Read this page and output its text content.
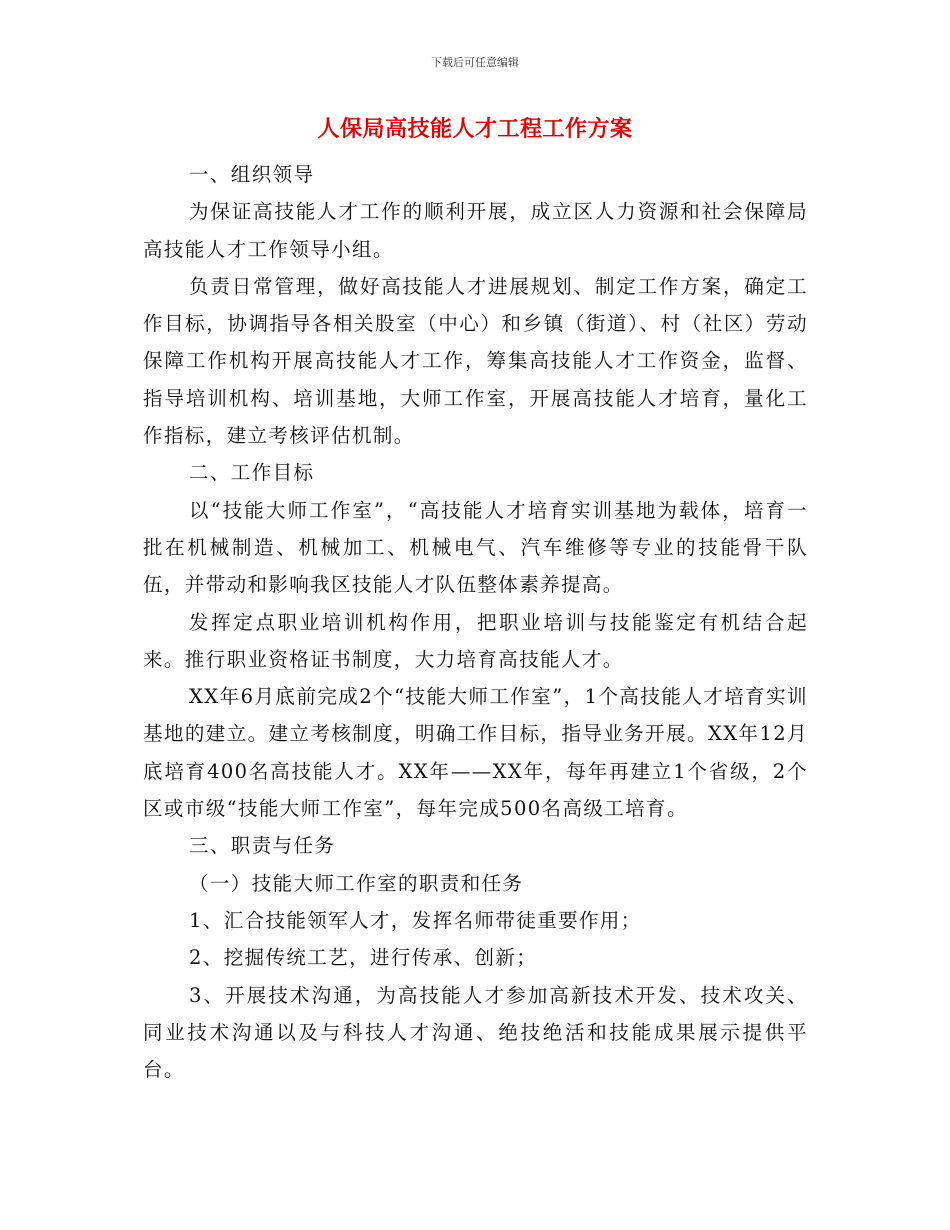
下载后可任意编辑
人保局高技能人才工程工作方案

一、组织领导

为保证高技能人才工作的顺利开展，成立区人力资源和社会保障局高技能人才工作领导小组。

负责日常管理，做好高技能人才进展规划、制定工作方案，确定工作目标，协调指导各相关股室（中心）和乡镇（街道）、村（社区）劳动保障工作机构开展高技能人才工作，筹集高技能人才工作资金，监督、指导培训机构、培训基地，大师工作室，开展高技能人才培育，量化工作指标，建立考核评估机制。

二、工作目标

以“技能大师工作室”，“高技能人才培育实训基地为载体，培育一批在机械制造、机械加工、机械电气、汽车维修等专业的技能骨干队伍，并带动和影响我区技能人才队伍整体素养提高。

发挥定点职业培训机构作用，把职业培训与技能鉴定有机结合起来。推行职业资格证书制度，大力培育高技能人才。

XX年6月底前完成2个“技能大师工作室”，1个高技能人才培育实训基地的建立。建立考核制度，明确工作目标，指导业务开展。XX年12月底培育400名高技能人才。XX年——XX年，每年再建立1个省级，2个区或市级“技能大师工作室”，每年完成500名高级工培育。

三、职责与任务

（一）技能大师工作室的职责和任务

1、汇合技能领军人才，发挥名师带徒重要作用；

2、挖掘传统工艺，进行传承、创新；

3、开展技术沟通，为高技能人才参加高新技术开发、技术攻关、同业技术沟通以及与科技人才沟通、绝技绝活和技能成果展示提供平台。
